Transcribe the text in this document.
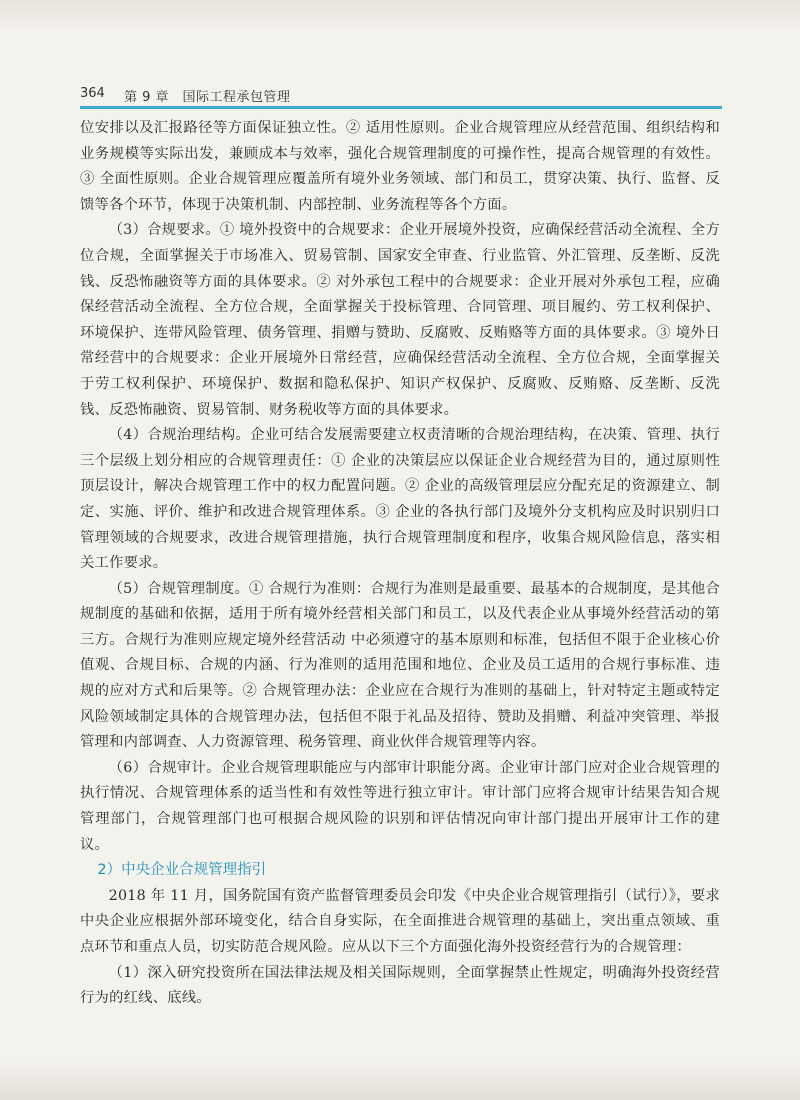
364 第 9 章　国际工程承包管理

位安排以及汇报路径等方面保证独立性。② 适用性原则。企业合规管理应从经营范围、组织结构和业务规模等实际出发，兼顾成本与效率，强化合规管理制度的可操作性，提高合规管理的有效性。③ 全面性原则。企业合规管理应覆盖所有境外业务领域、部门和员工，贯穿决策、执行、监督、反馈等各个环节，体现于决策机制、内部控制、业务流程等各个方面。

（3）合规要求。① 境外投资中的合规要求：企业开展境外投资，应确保经营活动全流程、全方位合规，全面掌握关于市场准入、贸易管制、国家安全审查、行业监管、外汇管理、反垄断、反洗钱、反恐怖融资等方面的具体要求。② 对外承包工程中的合规要求：企业开展对外承包工程，应确保经营活动全流程、全方位合规，全面掌握关于投标管理、合同管理、项目履约、劳工权利保护、环境保护、连带风险管理、债务管理、捐赠与赞助、反腐败、反贿赂等方面的具体要求。③ 境外日常经营中的合规要求：企业开展境外日常经营，应确保经营活动全流程、全方位合规，全面掌握关于劳工权利保护、环境保护、数据和隐私保护、知识产权保护、反腐败、反贿赂、反垄断、反洗钱、反恐怖融资、贸易管制、财务税收等方面的具体要求。

（4）合规治理结构。企业可结合发展需要建立权责清晰的合规治理结构，在决策、管理、执行三个层级上划分相应的合规管理责任：① 企业的决策层应以保证企业合规经营为目的，通过原则性顶层设计，解决合规管理工作中的权力配置问题。② 企业的高级管理层应分配充足的资源建立、制定、实施、评价、维护和改进合规管理体系。③ 企业的各执行部门及境外分支机构应及时识别归口管理领域的合规要求，改进合规管理措施，执行合规管理制度和程序，收集合规风险信息，落实相关工作要求。

（5）合规管理制度。① 合规行为准则：合规行为准则是最重要、最基本的合规制度，是其他合规制度的基础和依据，适用于所有境外经营相关部门和员工，以及代表企业从事境外经营活动的第三方。合规行为准则应规定境外经营活动 中必须遵守的基本原则和标准，包括但不限于企业核心价值观、合规目标、合规的内涵、行为准则的适用范围和地位、企业及员工适用的合规行事标准、违规的应对方式和后果等。② 合规管理办法：企业应在合规行为准则的基础上，针对特定主题或特定风险领域制定具体的合规管理办法，包括但不限于礼品及招待、赞助及捐赠、利益冲突管理、举报管理和内部调查、人力资源管理、税务管理、商业伙伴合规管理等内容。

（6）合规审计。企业合规管理职能应与内部审计职能分离。企业审计部门应对企业合规管理的执行情况、合规管理体系的适当性和有效性等进行独立审计。审计部门应将合规审计结果告知合规管理部门，合规管理部门也可根据合规风险的识别和评估情况向审计部门提出开展审计工作的建议。

2）中央企业合规管理指引

2018 年 11 月，国务院国有资产监督管理委员会印发《中央企业合规管理指引（试行）》，要求中央企业应根据外部环境变化，结合自身实际，在全面推进合规管理的基础上，突出重点领域、重点环节和重点人员，切实防范合规风险。应从以下三个方面强化海外投资经营行为的合规管理：

（1）深入研究投资所在国法律法规及相关国际规则，全面掌握禁止性规定，明确海外投资经营行为的红线、底线。
